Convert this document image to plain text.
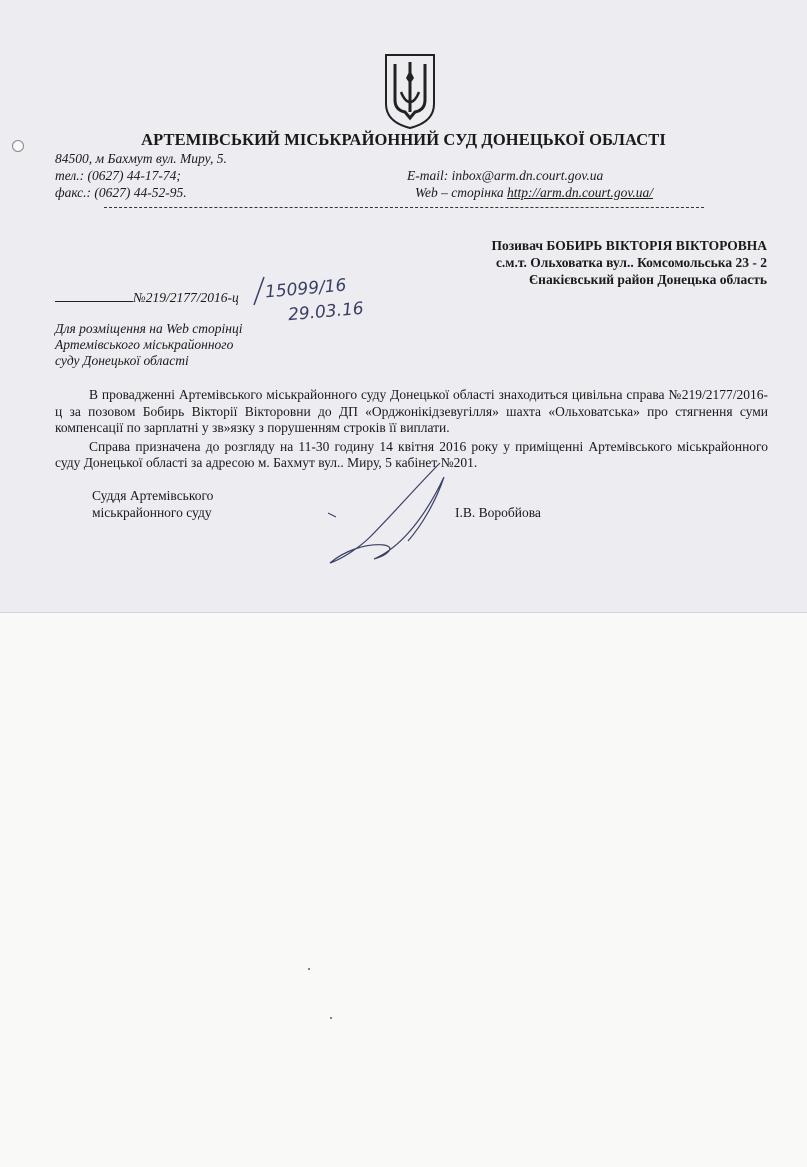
АРТЕМІВСЬКИЙ МІСЬКРАЙОННИЙ СУД ДОНЕЦЬКОЇ ОБЛАСТІ
84500, м Бахмут вул. Миру, 5.
тел.: (0627) 44-17-74;
факс.: (0627) 44-52-95.
E-mail: inbox@arm.dn.court.gov.ua
Web – сторінка http://arm.dn.court.gov.ua/
Позивач БОБИРЬ ВІКТОРІЯ ВІКТОРОВНА
с.м.т. Ольховатка вул.. Комсомольська 23 - 2
Єнакієвський район Донецька область
№219/2177/2016-ц 15099/16
29.03.16
Для розміщення на Web сторінці
Артемівського міськрайонного
суду Донецької області

В провадженні Артемівського міськрайонного суду Донецької області знаходиться цивільна справа №219/2177/2016-ц за позовом Бобирь Вікторії Вікторовни до ДП «Орджонікідзевугілля» шахта «Ольховатська» про стягнення суми компенсації по зарплатні у зв»язку з порушенням строків її виплати.

Справа призначена до розгляду на 11-30 годину 14 квітня 2016 року у приміщенні Артемівського міськрайонного суду Донецької області за адресою м. Бахмут вул.. Миру, 5 кабінет №201.

Суддя Артемівського
міськрайонного суду	І.В. Воробйова
